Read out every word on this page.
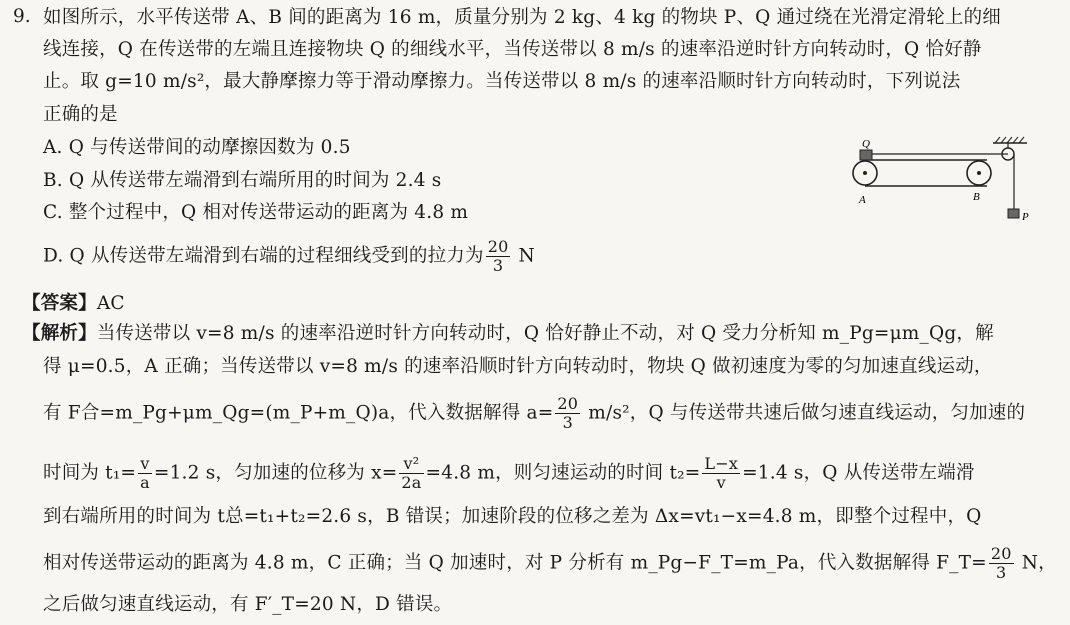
9. 如图所示，水平传送带 A、B 间的距离为 16 m，质量分别为 2 kg、4 kg 的物块 P、Q 通过绕在光滑定滑轮上的细
线连接，Q 在传送带的左端且连接物块 Q 的细线水平，当传送带以 8 m/s 的速率沿逆时针方向转动时，Q 恰好静
止。取 g=10 m/s²，最大静摩擦力等于滑动摩擦力。当传送带以 8 m/s 的速率沿顺时针方向转动时，下列说法
正确的是
A. Q 与传送带间的动摩擦因数为 0.5
B. Q 从传送带左端滑到右端所用的时间为 2.4 s
C. 整个过程中，Q 相对传送带运动的距离为 4.8 m
D. Q 从传送带左端滑到右端的过程细线受到的拉力为 $\frac{20}{3}$ N
Q
A	B
P
【答案】AC
【解析】当传送带以 v=8 m/s 的速率沿逆时针方向转动时，Q 恰好静止不动，对 Q 受力分析知 m_Pg=μm_Qg，解
得 μ=0.5，A 正确；当传送带以 v=8 m/s 的速率沿顺时针方向转动时，物块 Q 做初速度为零的匀加速直线运动，
有 F合=m_Pg+μm_Qg=(m_P+m_Q)a，代入数据解得 $a= \frac{20}{3} m/s^2$，Q 与传送带共速后做匀速直线运动，匀加速的
时间为 $t_1= \frac{v}{a} =1.2$ s，匀加速的位移为 $x= \frac{\text{v²}}{2a} =4.8$ m，则匀速运动的时间 $t_2= \frac{L-x}{v} =1.4$ s，Q 从传送带左端滑
到右端所用的时间为 t总=t₁+t₂=2.6 s，B 错误；加速阶段的位移之差为 Δx=vt₁−x=4.8 m，即整个过程中，Q
相对传送带运动的距离为 4.8 m，C 正确；当 Q 加速时，对 P 分析有 m_Pg−F_T=m_Pa，代入数据解得 F_T= $\frac{20}{3}$ N，
之后做匀速直线运动，有 F′_T=20 N，D 错误。
